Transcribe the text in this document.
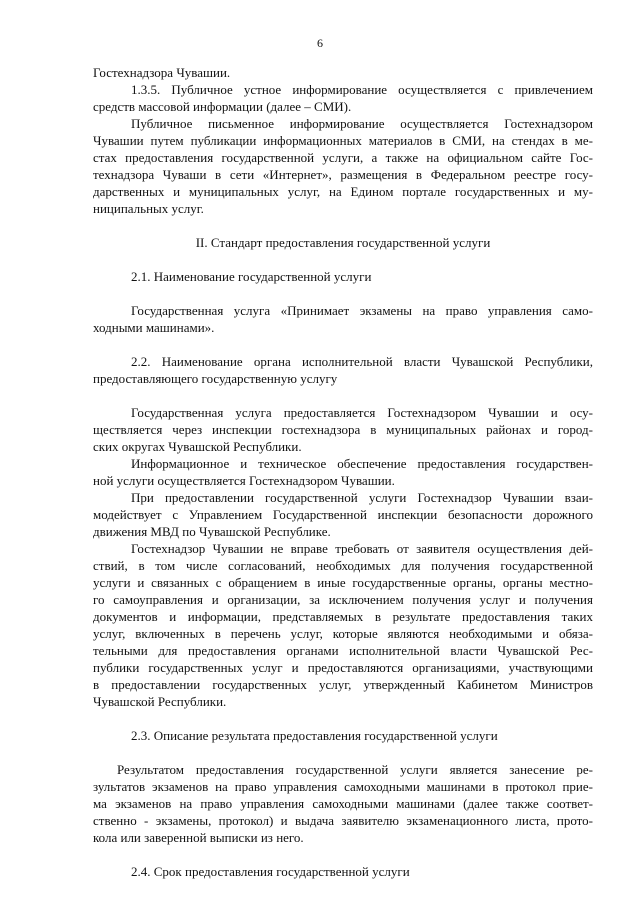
6
Гостехнадзора Чувашии.
1.3.5. Публичное устное информирование осуществляется с привлечением
средств массовой информации (далее – СМИ).
Публичное письменное информирование осуществляется Гостехнадзором
Чувашии путем публикации информационных материалов в СМИ, на стендах в ме-
стах предоставления государственной услуги, а также на официальном сайте Гос-
технадзора Чуваши в сети «Интернет», размещения в Федеральном реестре госу-
дарственных и муниципальных услуг, на Едином портале государственных и му-
ниципальных услуг.
II. Стандарт предоставления государственной услуги
2.1. Наименование государственной услуги
Государственная услуга «Принимает экзамены на право управления само-
ходными машинами».
2.2. Наименование органа исполнительной власти Чувашской Республики,
предоставляющего государственную услугу
Государственная услуга предоставляется Гостехнадзором Чувашии и осу-
ществляется через инспекции гостехнадзора в муниципальных районах и город-
ских округах Чувашской Республики.
Информационное и техническое обеспечение предоставления государствен-
ной услуги осуществляется Гостехнадзором Чувашии.
При предоставлении государственной услуги Гостехнадзор Чувашии взаи-
модействует с Управлением Государственной инспекции безопасности дорожного
движения МВД по Чувашской Республике.
Гостехнадзор Чувашии не вправе требовать от заявителя осуществления дей-
ствий, в том числе согласований, необходимых для получения государственной
услуги и связанных с обращением в иные государственные органы, органы местно-
го самоуправления и организации, за исключением получения услуг и получения
документов и информации, представляемых в результате предоставления таких
услуг, включенных в перечень услуг, которые являются необходимыми и обяза-
тельными для предоставления органами исполнительной власти Чувашской Рес-
публики государственных услуг и предоставляются организациями, участвующими
в предоставлении государственных услуг, утвержденный Кабинетом Министров
Чувашской Республики.
2.3. Описание результата предоставления государственной услуги
Результатом предоставления государственной услуги является занесение ре-
зультатов экзаменов на право управления самоходными машинами в протокол прие-
ма экзаменов на право управления самоходными машинами (далее также соответ-
ственно - экзамены, протокол) и выдача заявителю экзаменационного листа, прото-
кола или заверенной выписки из него.
2.4. Срок предоставления государственной услуги
